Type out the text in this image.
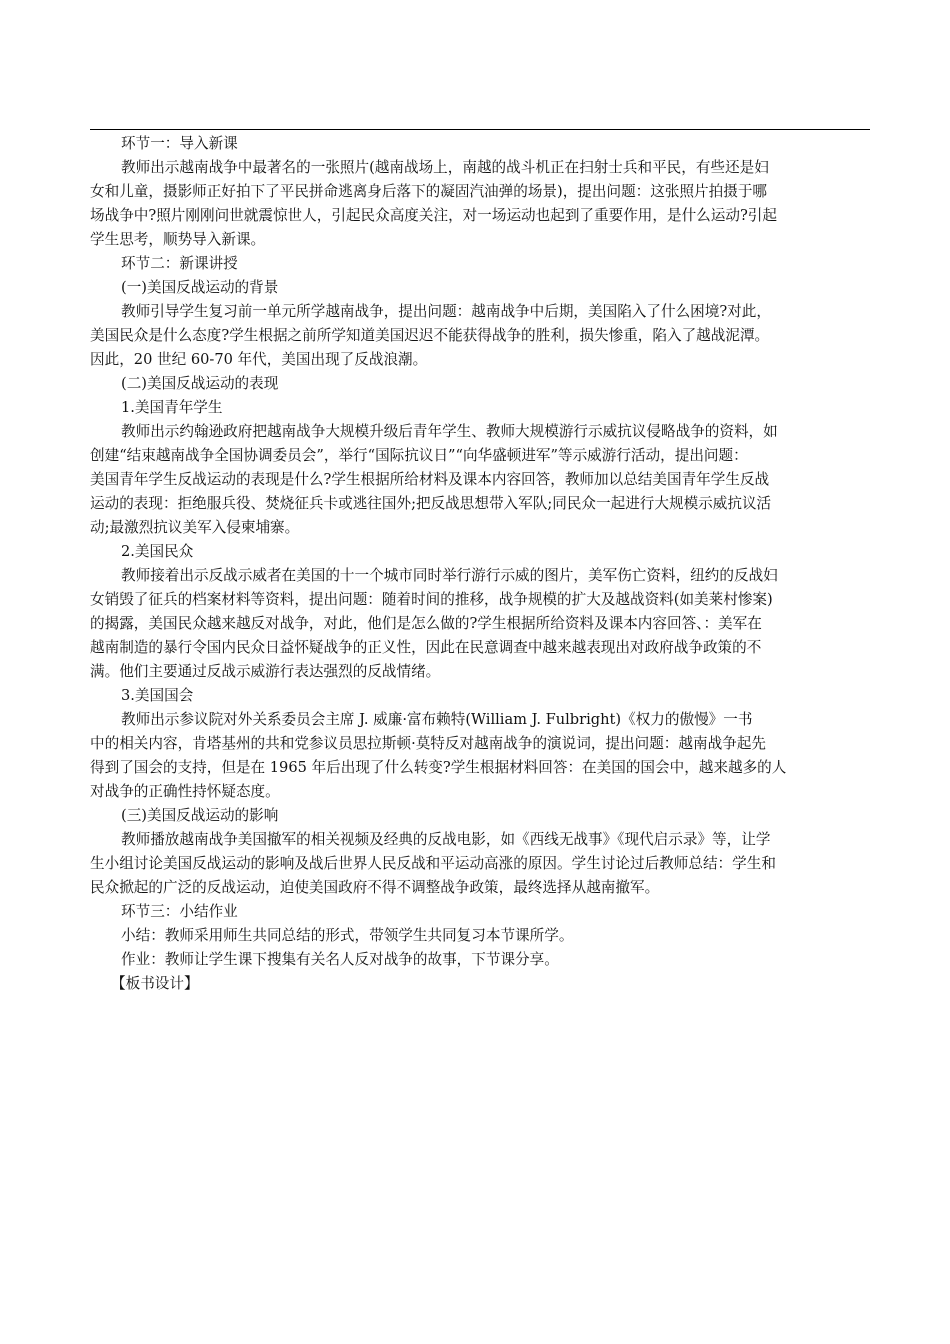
环节一：导入新课
教师出示越南战争中最著名的一张照片(越南战场上，南越的战斗机正在扫射士兵和平民，有些还是妇
女和儿童，摄影师正好拍下了平民拼命逃离身后落下的凝固汽油弹的场景)，提出问题：这张照片拍摄于哪
场战争中?照片刚刚问世就震惊世人，引起民众高度关注，对一场运动也起到了重要作用，是什么运动?引起
学生思考，顺势导入新课。
环节二：新课讲授
(一)美国反战运动的背景
教师引导学生复习前一单元所学越南战争，提出问题：越南战争中后期，美国陷入了什么困境?对此，
美国民众是什么态度?学生根据之前所学知道美国迟迟不能获得战争的胜利，损失惨重，陷入了越战泥潭。
因此，20 世纪 60-70 年代，美国出现了反战浪潮。
(二)美国反战运动的表现
1.美国青年学生
教师出示约翰逊政府把越南战争大规模升级后青年学生、教师大规模游行示威抗议侵略战争的资料，如
创建“结束越南战争全国协调委员会”，举行“国际抗议日”“向华盛顿进军”等示威游行活动，提出问题：
美国青年学生反战运动的表现是什么?学生根据所给材料及课本内容回答，教师加以总结美国青年学生反战
运动的表现：拒绝服兵役、焚烧征兵卡或逃往国外;把反战思想带入军队;同民众一起进行大规模示威抗议活
动;最激烈抗议美军入侵柬埔寨。
2.美国民众
教师接着出示反战示威者在美国的十一个城市同时举行游行示威的图片，美军伤亡资料，纽约的反战妇
女销毁了征兵的档案材料等资料，提出问题：随着时间的推移，战争规模的扩大及越战资料(如美莱村惨案)
的揭露，美国民众越来越反对战争，对此，他们是怎么做的?学生根据所给资料及课本内容回答、：美军在
越南制造的暴行令国内民众日益怀疑战争的正义性，因此在民意调查中越来越表现出对政府战争政策的不
满。他们主要通过反战示威游行表达强烈的反战情绪。
3.美国国会
教师出示参议院对外关系委员会主席 J. 威廉·富布赖特(William J. Fulbright)《权力的傲慢》一书
中的相关内容，肯塔基州的共和党参议员思拉斯顿·莫特反对越南战争的演说词，提出问题：越南战争起先
得到了国会的支持，但是在 1965 年后出现了什么转变?学生根据材料回答：在美国的国会中，越来越多的人
对战争的正确性持怀疑态度。
(三)美国反战运动的影响
教师播放越南战争美国撤军的相关视频及经典的反战电影，如《西线无战事》《现代启示录》等，让学
生小组讨论美国反战运动的影响及战后世界人民反战和平运动高涨的原因。学生讨论过后教师总结：学生和
民众掀起的广泛的反战运动，迫使美国政府不得不调整战争政策，最终选择从越南撤军。
环节三：小结作业
小结：教师采用师生共同总结的形式，带领学生共同复习本节课所学。
作业：教师让学生课下搜集有关名人反对战争的故事，下节课分享。
【板书设计】
